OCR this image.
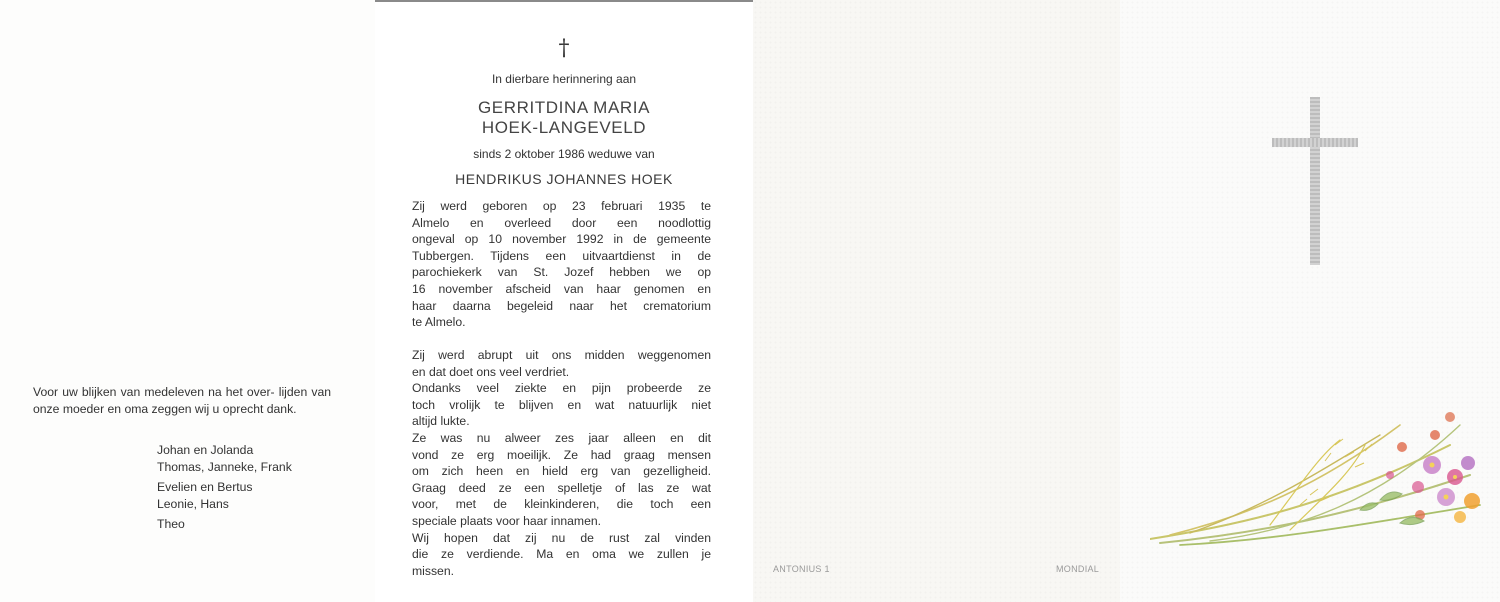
Voor uw blijken van medeleven na het over- lijden van onze moeder en oma zeggen wij u oprecht dank.
Johan en Jolanda
Thomas, Janneke, Frank
Evelien en Bertus
Leonie, Hans
Theo
†
In dierbare herinnering aan
GERRITDINA MARIA
HOEK-LANGEVELD
sinds 2 oktober 1986 weduwe van
HENDRIKUS JOHANNES HOEK
Zij werd geboren op 23 februari 1935 te
Almelo en overleed door een noodlottig
ongeval op 10 november 1992 in de gemeente
Tubbergen. Tijdens een uitvaartdienst in de
parochiekerk van St. Jozef hebben we op
16 november afscheid van haar genomen en
haar daarna begeleid naar het crematorium
te Almelo.
Zij werd abrupt uit ons midden weggenomen
en dat doet ons veel verdriet.
Ondanks veel ziekte en pijn probeerde ze
toch vrolijk te blijven en wat natuurlijk niet
altijd lukte.
Ze was nu alweer zes jaar alleen en dit
vond ze erg moeilijk. Ze had graag mensen
om zich heen en hield erg van gezelligheid.
Graag deed ze een spelletje of las ze wat
voor, met de kleinkinderen, die toch een
speciale plaats voor haar innamen.
Wij hopen dat zij nu de rust zal vinden
die ze verdiende. Ma en oma we zullen je
missen.	ANTONIUS 1	MONDIAL
